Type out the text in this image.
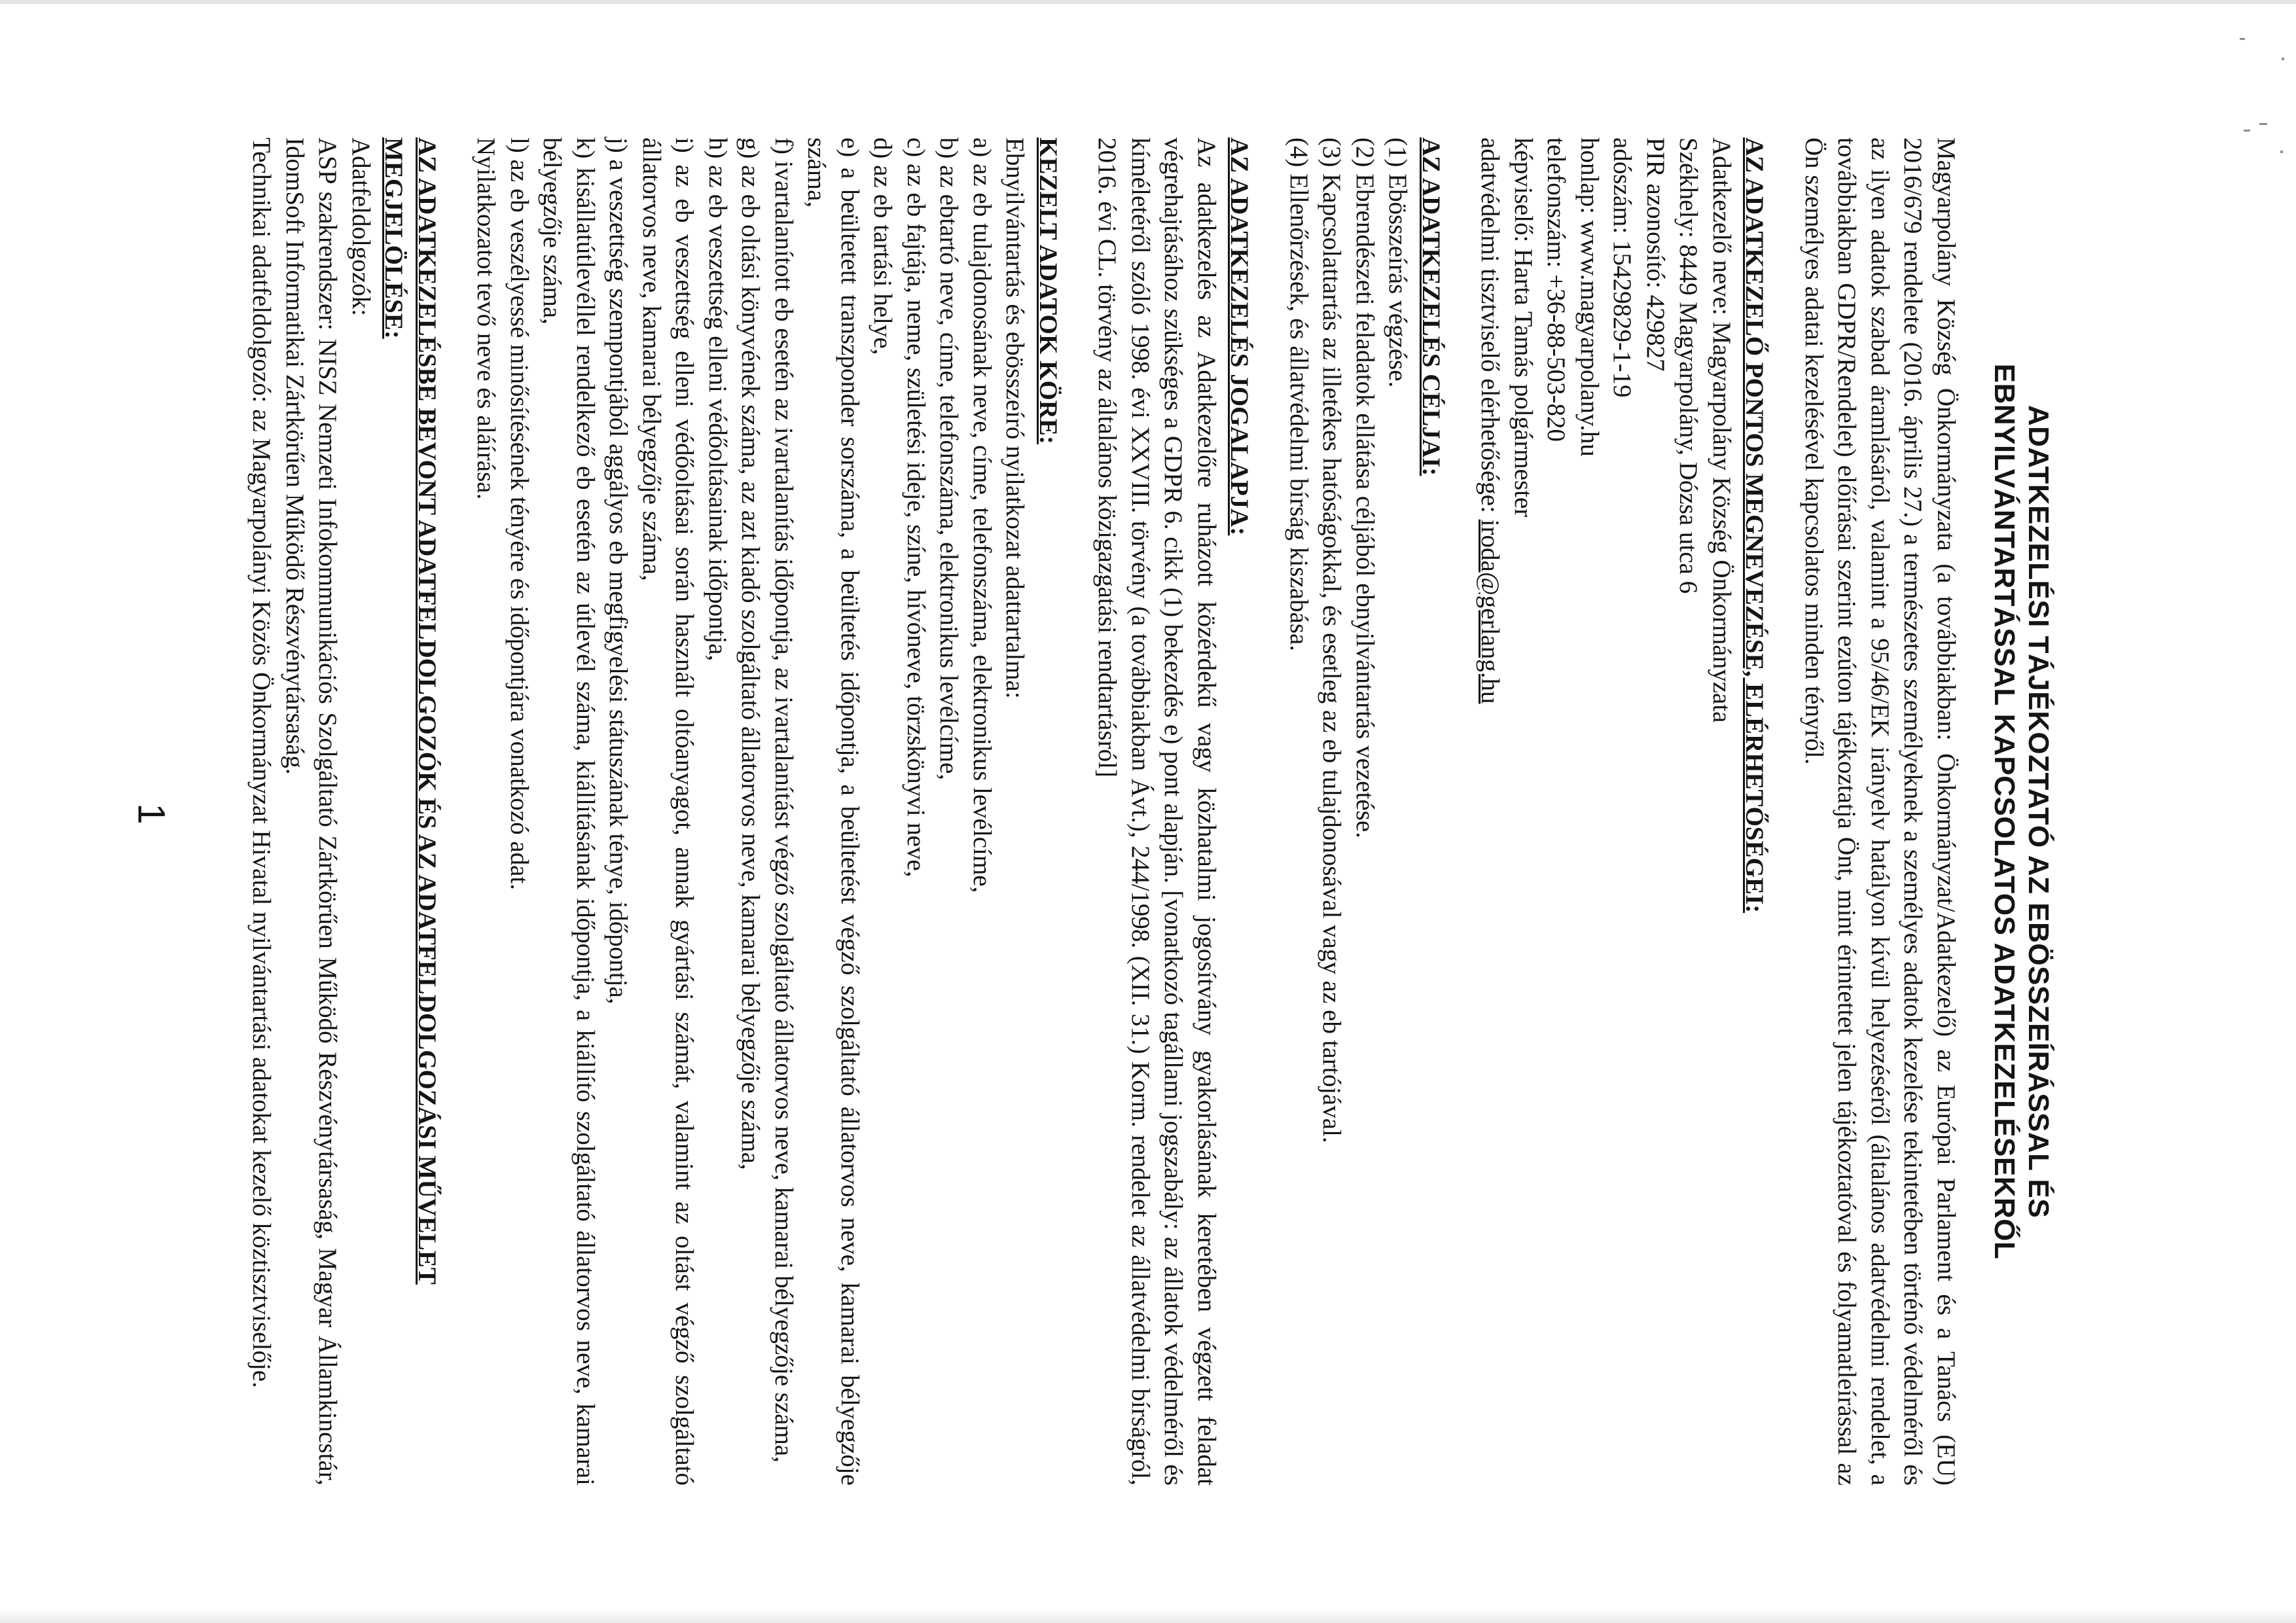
ADATKEZELÉSI TÁJÉKOZTATÓ AZ EBÖSSZEÍRÁSSAL ÉS
EBNYILVÁNTARTÁSSAL KAPCSOLATOS ADATKEZELÉSEKRŐL

Magyarpolány Község Önkormányzata (a továbbiakban: Önkormányzat/Adatkezelő) az Európai Parlament és a Tanács (EU) 2016/679 rendelete (2016. április 27.) a természetes személyeknek a személyes adatok kezelése tekintetében történő védelméről és az ilyen adatok szabad áramlásáról, valamint a 95/46/EK irányelv hatályon kívül helyezéséről (általános adatvédelmi rendelet, a továbbiakban GDPR/Rendelet) előírásai szerint ezúton tájékoztatja Önt, mint érintettet jelen tájékoztatóval és folyamatleírással az Ön személyes adatai kezelésével kapcsolatos minden tényről.

AZ ADATKEZELŐ PONTOS MEGNEVEZÉSE, ELÉRHETŐSÉGEI:
Adatkezelő neve: Magyarpolány Község Önkormányzata
Székhely: 8449 Magyarpolány, Dózsa utca 6
PIR azonosító: 429827
adószám: 15429829-1-19
honlap: www.magyarpolany.hu
telefonszám: +36-88-503-820
képviselő: Harta Tamás polgármester
adatvédelmi tisztviselő elérhetősége: iroda@gerlang.hu
AZ ADATKEZELÉS CÉLJAI:
(1) Ebösszeírás végzése.
(2) Ebrendészeti feladatok ellátása céljából ebnyilvántartás vezetése.
(3) Kapcsolattartás az illetékes hatóságokkal, és esetleg az eb tulajdonosával vagy az eb tartójával.
(4) Ellenőrzések, és állatvédelmi bírság kiszabása.
AZ ADATKEZELÉS JOGALAPJA:

Az adatkezelés az Adatkezelőre ruházott közérdekű vagy közhatalmi jogosítvány gyakorlásának keretében végzett feladat végrehajtásához szükséges a GDPR 6. cikk (1) bekezdés e) pont alapján. [vonatkozó tagállami jogszabály: az állatok védelméről és kíméletéről szóló 1998. évi XXVIII. törvény (a továbbiakban Ávt.), 244/1998. (XII. 31.) Korm. rendelet az állatvédelmi bírságról, 2016. évi CL. törvény az általános közigazgatási rendtartásról]

KEZELT ADATOK KÖRE:
Ebnyilvántartás és ebösszeíró nyilatkozat adattartalma:

a) az eb tulajdonosának neve, címe, telefonszáma, elektronikus levélcíme,

b) az ebtartó neve, címe, telefonszáma, elektronikus levélcíme,

c) az eb fajtája, neme, születési ideje, színe, hívóneve, törzskönyvi neve,

d) az eb tartási helye,

e) a beültetett transzponder sorszáma, a beültetés időpontja, a beültetést végző szolgáltató állatorvos neve, kamarai bélyegzője száma,

f) ivartalanított eb esetén az ivartalanítás időpontja, az ivartalanítást végző szolgáltató állatorvos neve, kamarai bélyegzője száma,

g) az eb oltási könyvének száma, az azt kiadó szolgáltató állatorvos neve, kamarai bélyegzője száma,

h) az eb veszettség elleni védőoltásainak időpontja,

i) az eb veszettség elleni védőoltásai során használt oltóanyagot, annak gyártási számát, valamint az oltást végző szolgáltató állatorvos neve, kamarai bélyegzője száma,

j) a veszettség szempontjából aggályos eb megfigyelési státuszának ténye, időpontja,

k) kisállatútlevéllel rendelkező eb esetén az útlevél száma, kiállításának időpontja, a kiállító szolgáltató állatorvos neve, kamarai bélyegzője száma,

l) az eb veszélyessé minősítésének tényére és időpontjára vonatkozó adat.

Nyilatkozatot tevő neve és aláírása.

AZ ADATKEZELÉSBE BEVONT ADATFELDOLGOZÓK ÉS AZ ADATFELDOLGOZÁSI MŰVELET
MEGJELÖLÉSE:
Adatfeldolgozók:

ASP szakrendszer: NISZ Nemzeti Infokommunikációs Szolgáltató Zártkörűen Működő Részvénytársaság, Magyar Államkincstár, IdomSoft Informatikai Zártkörűen Működő Részvénytársaság.

Technikai adatfeldolgozó: az Magyarpolányi Közös Önkormányzat Hivatal nyilvántartási adatokat kezelő köztisztviselője.

1
